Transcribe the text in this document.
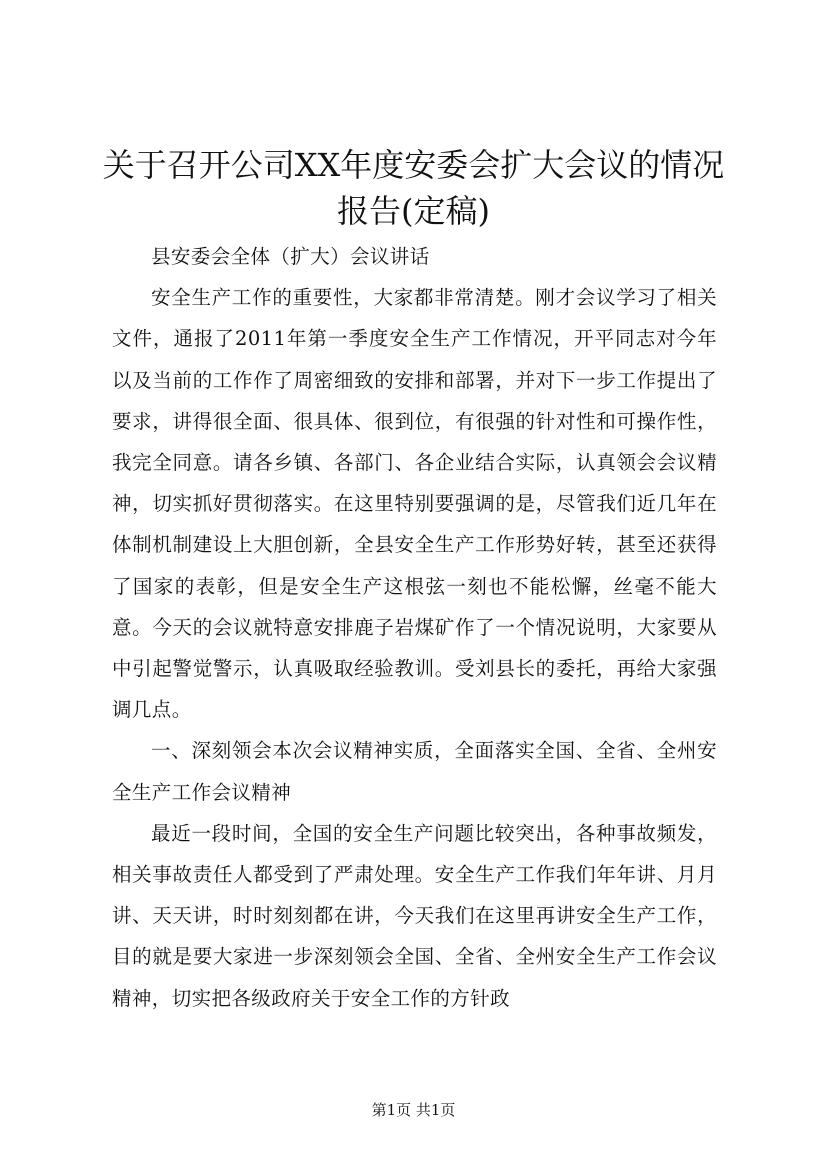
关于召开公司XX年度安委会扩大会议的情况报告(定稿)

县安委会全体（扩大）会议讲话

安全生产工作的重要性，大家都非常清楚。刚才会议学习了相关文件，通报了2011年第一季度安全生产工作情况，开平同志对今年以及当前的工作作了周密细致的安排和部署，并对下一步工作提出了要求，讲得很全面、很具体、很到位，有很强的针对性和可操作性，我完全同意。请各乡镇、各部门、各企业结合实际，认真领会会议精神，切实抓好贯彻落实。在这里特别要强调的是，尽管我们近几年在体制机制建设上大胆创新，全县安全生产工作形势好转，甚至还获得了国家的表彰，但是安全生产这根弦一刻也不能松懈，丝毫不能大意。今天的会议就特意安排鹿子岩煤矿作了一个情况说明，大家要从中引起警觉警示，认真吸取经验教训。受刘县长的委托，再给大家强调几点。

一、深刻领会本次会议精神实质，全面落实全国、全省、全州安全生产工作会议精神

最近一段时间，全国的安全生产问题比较突出，各种事故频发，相关事故责任人都受到了严肃处理。安全生产工作我们年年讲、月月讲、天天讲，时时刻刻都在讲，今天我们在这里再讲安全生产工作，目的就是要大家进一步深刻领会全国、全省、全州安全生产工作会议精神，切实把各级政府关于安全工作的方针政

第1页 共1页
